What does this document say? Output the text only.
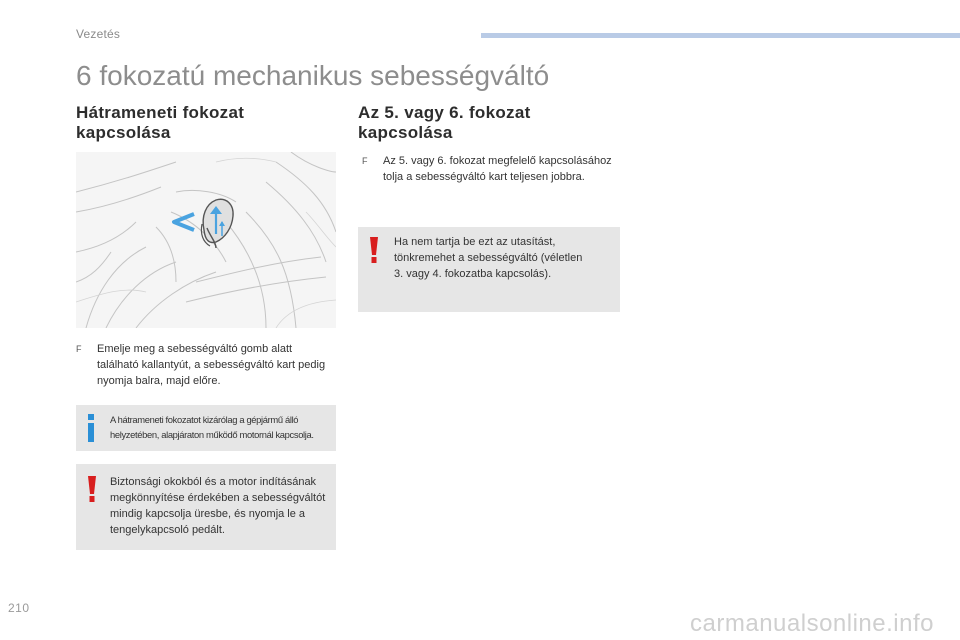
Vezetés
6 fokozatú mechanikus sebességváltó
Hátrameneti fokozat
kapcsolása
F Emelje meg a sebességváltó gomb alatt található kallantyút, a sebességváltó kart pedig nyomja balra, majd előre.
A hátrameneti fokozatot kizárólag a gépjármű álló
helyzetében, alapjáraton működő motornál kapcsolja.
Biztonsági okokból és a motor indításának megkönnyítése érdekében a sebességváltót mindig kapcsolja üresbe, és nyomja le a tengelykapcsoló pedált.
Az 5. vagy 6. fokozat
kapcsolása
F Az 5. vagy 6. fokozat megfelelő kapcsolásához tolja a sebességváltó kart teljesen jobbra.
Ha nem tartja be ezt az utasítást, tönkremehet a sebességváltó (véletlen 3. vagy 4. fokozatba kapcsolás).
210
carmanualsonline.info
